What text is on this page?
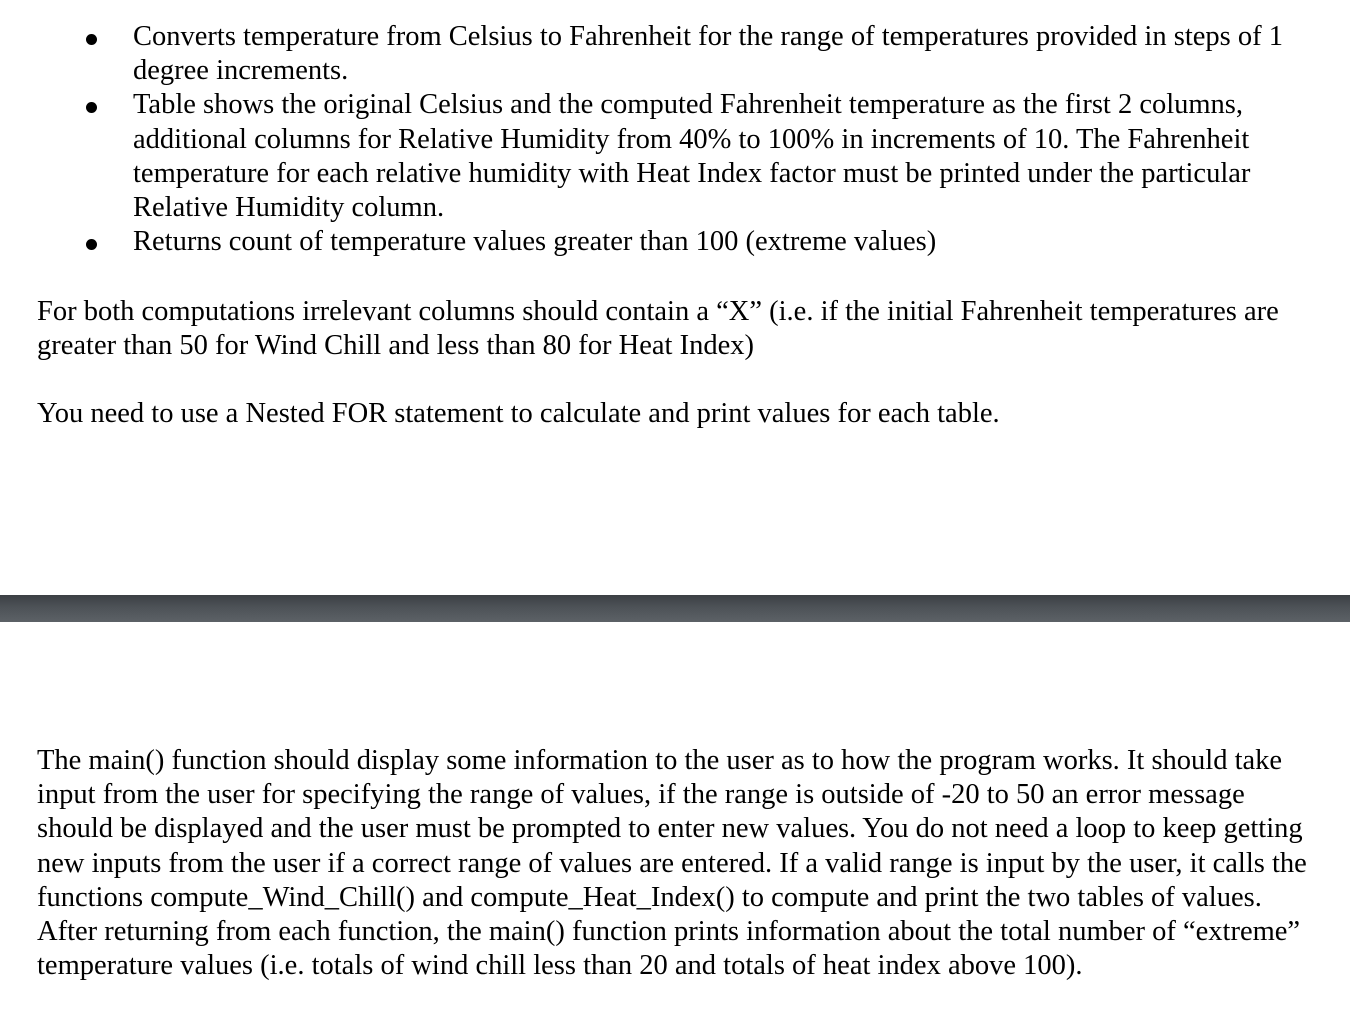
Converts temperature from Celsius to Fahrenheit for the range of temperatures provided in steps of 1 degree increments.
Table shows the original Celsius and the computed Fahrenheit temperature as the first 2 columns, additional columns for Relative Humidity from 40% to 100% in increments of 10. The Fahrenheit temperature for each relative humidity with Heat Index factor must be printed under the particular Relative Humidity column.
Returns count of temperature values greater than 100 (extreme values)

For both computations irrelevant columns should contain a “X” (i.e. if the initial Fahrenheit temperatures are greater than 50 for Wind Chill and less than 80 for Heat Index)

You need to use a Nested FOR statement to calculate and print values for each table.

The main() function should display some information to the user as to how the program works. It should take input from the user for specifying the range of values, if the range is outside of -20 to 50 an error message should be displayed and the user must be prompted to enter new values. You do not need a loop to keep getting new inputs from the user if a correct range of values are entered. If a valid range is input by the user, it calls the functions compute_Wind_Chill() and compute_Heat_Index() to compute and print the two tables of values. After returning from each function, the main() function prints information about the total number of “extreme” temperature values (i.e. totals of wind chill less than 20 and totals of heat index above 100).
